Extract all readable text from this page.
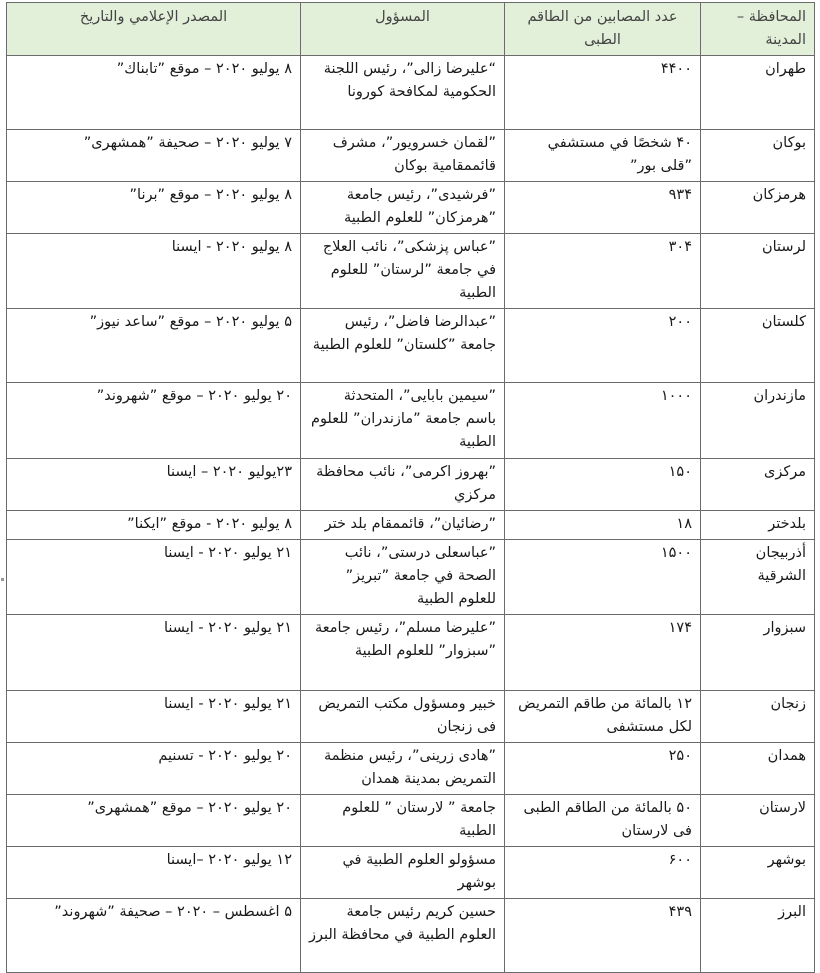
المحافظة – المدينة	عدد المصابين من الطاقم الطبى	المسؤول	المصدر الإعلامي والتاريخ
طهران	۴۴۰۰	“عليرضا زالى”، رئيس اللجنة الحكومية لمكافحة كورونا	۸ يوليو ۲۰۲۰ – موقع ”تابناك”
بوكان	۴۰ شخصًا في مستشفي ”قلى بور”	”لقمان خسرويور”، مشرف قائممقامية بوكان	۷ يوليو ۲۰۲۰ – صحيفة ”همشهرى”
هرمزكان	۹۳۴	”فرشيدى”، رئيس جامعة ”هرمزكان” للعلوم الطبية	۸ يوليو ۲۰۲۰ – موقع ”برنا”
لرستان	۳۰۴	”عباس پزشكى”، نائب العلاج في جامعة ”لرستان” للعلوم الطبية	۸ يوليو ۲۰۲۰ - ايسنا
كلستان	۲۰۰	”عبدالرضا فاضل”، رئيس جامعة ”كلستان” للعلوم الطبية	۵ يوليو ۲۰۲۰ – موقع ”ساعد نيوز”
مازندران	۱۰۰۰	”سيمين بابايى”، المتحدثة باسم جامعة ”مازندران” للعلوم الطبية	۲۰ يوليو ۲۰۲۰ – موقع ”شهروند”
مركزى	۱۵۰	”بهروز اكرمى”، نائب محافظة مركزي	۲۳يوليو ۲۰۲۰ – ايسنا
بلدختر	۱۸	”رضائيان”، قائممقام بلد ختر	۸ يوليو ۲۰۲۰ - موقع ”ايكنا”
أذربيجان الشرقية	۱۵۰۰	”عباسعلى درستى”، نائب الصحة في جامعة ”تبريز” للعلوم الطبية	۲۱ يوليو ۲۰۲۰ - ايسنا
سبزوار	۱۷۴	”عليرضا مسلم”، رئيس جامعة ”سبزوار” للعلوم الطبية	۲۱ يوليو ۲۰۲۰ - ايسنا
زنجان	۱۲ بالمائة من طاقم التمريض لكل مستشفى	خبير ومسؤول مكتب التمريض فى زنجان	۲۱ يوليو ۲۰۲۰ - ايسنا
همدان	۲۵۰	”هادى زرينى”، رئيس منظمة التمريض بمدينة همدان	۲۰ يوليو ۲۰۲۰ - تسنيم
لارستان	۵۰ بالمائة من الطاقم الطبى فى لارستان	جامعة ” لارستان ” للعلوم الطبية	۲۰ يوليو ۲۰۲۰ – موقع ”همشهرى”
بوشهر	۶۰۰	مسؤولو العلوم الطبية في بوشهر	۱۲ يوليو ۲۰۲۰ –ايسنا
البرز	۴۳۹	حسين كريم رئيس جامعة العلوم الطبية في محافظة البرز	۵ اغسطس – ۲۰۲۰ – صحيفة ”شهروند”
